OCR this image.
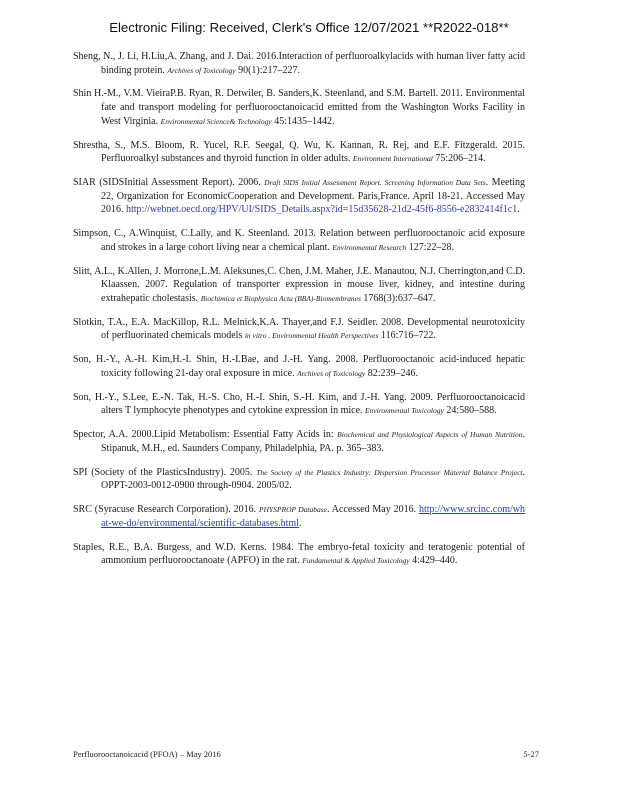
Electronic Filing: Received, Clerk's Office 12/07/2021 **R2022-018**

Sheng, N., J. Li, H.Liu,A. Zhang, and J. Dai. 2016.Interaction of perfluoroalkylacids with human liver fatty acid binding protein. Archives of Toxicology 90(1):217–227.

Shin H.-M., V.M. VieiraP.B. Ryan, R. Detwiler, B. Sanders,K. Steenland, and S.M. Bartell. 2011. Environmental fate and transport modeling for perfluorooctanoicacid emitted from the Washington Works Facility in West Virginia. Environmental Science& Technology 45:1435–1442.

Shrestha, S., M.S. Bloom, R. Yucel, R.F. Seegal, Q. Wu, K. Kannan, R. Rej, and E.F. Fitzgerald. 2015. Perfluoroalkyl substances and thyroid function in older adults. Environment International 75:206–214.

SIAR (SIDSInitial Assessment Report). 2006. Draft SIDS Initial Assessment Report. Screening Information Data Sets. Meeting 22, Organization for EconomicCooperation and Development. Paris,France. April 18-21. Accessed May 2016. http://webnet.oecd.org/HPV/UI/SIDS_Details.aspx?id=15d35628-21d2-45f6-8556-e2832414f1c1.

Simpson, C., A.Winquist, C.Lally, and K. Steenland. 2013. Relation between perfluorooctanoic acid exposure and strokes in a large cohort living near a chemical plant. Environmental Research 127:22–28.

Slitt, A.L., K.Allen, J. Morrone,L.M. Aleksunes,C. Chen, J.M. Maher, J.E. Manautou, N.J. Cherrington,and C.D. Klaassen. 2007. Regulation of transporter expression in mouse liver, kidney, and intestine during extrahepatic cholestasis. Biochimica et Biophysica Acta (BBA)-Biomembranes 1768(3):637–647.

Slotkin, T.A., E.A. MacKillop, R.L. Melnick,K.A. Thayer,and F.J. Seidler. 2008. Developmental neurotoxicity of perfluorinated chemicals models in vitro . Environmental Health Perspectives 116:716–722.

Son, H.-Y., A.-H. Kim,H.-I. Shin, H.-I.Bae, and J.-H. Yang. 2008. Perfluorooctanoic acid-induced hepatic toxicity following 21-day oral exposure in mice. Archives of Toxicology 82:239–246.

Son, H.-Y., S.Lee, E.-N. Tak, H.-S. Cho, H.-I. Shin, S.-H. Kim, and J.-H. Yang. 2009. Perfluorooctanoicacid alters T lymphocyte phenotypes and cytokine expression in mice. Environmental Toxicology 24:580–588.

Spector, A.A. 2000.Lipid Metabolism: Essential Fatty Acids in: Biochemical and Physiological Aspects of Human Nutrition. Stipanuk, M.H., ed. Saunders Company, Philadelphia, PA. p. 365–383.

SPI (Society of the PlasticsIndustry). 2005. The Society of the Plastics Industry: Dispersion Processor Material Balance Project. OPPT-2003-0012-0900 through-0904. 2005/02.

SRC (Syracuse Research Corporation). 2016. PHYSPROP Database. Accessed May 2016. http://www.srcinc.com/what-we-do/environmental/scientific-databases.html.

Staples, R.E., B.A. Burgess, and W.D. Kerns. 1984. The embryo-fetal toxicity and teratogenic potential of ammonium perfluorooctanoate (APFO) in the rat. Fundamental & Applied Toxicology 4:429–440.

Perfluorooctanoicacid (PFOA) – May 2016	5-27
